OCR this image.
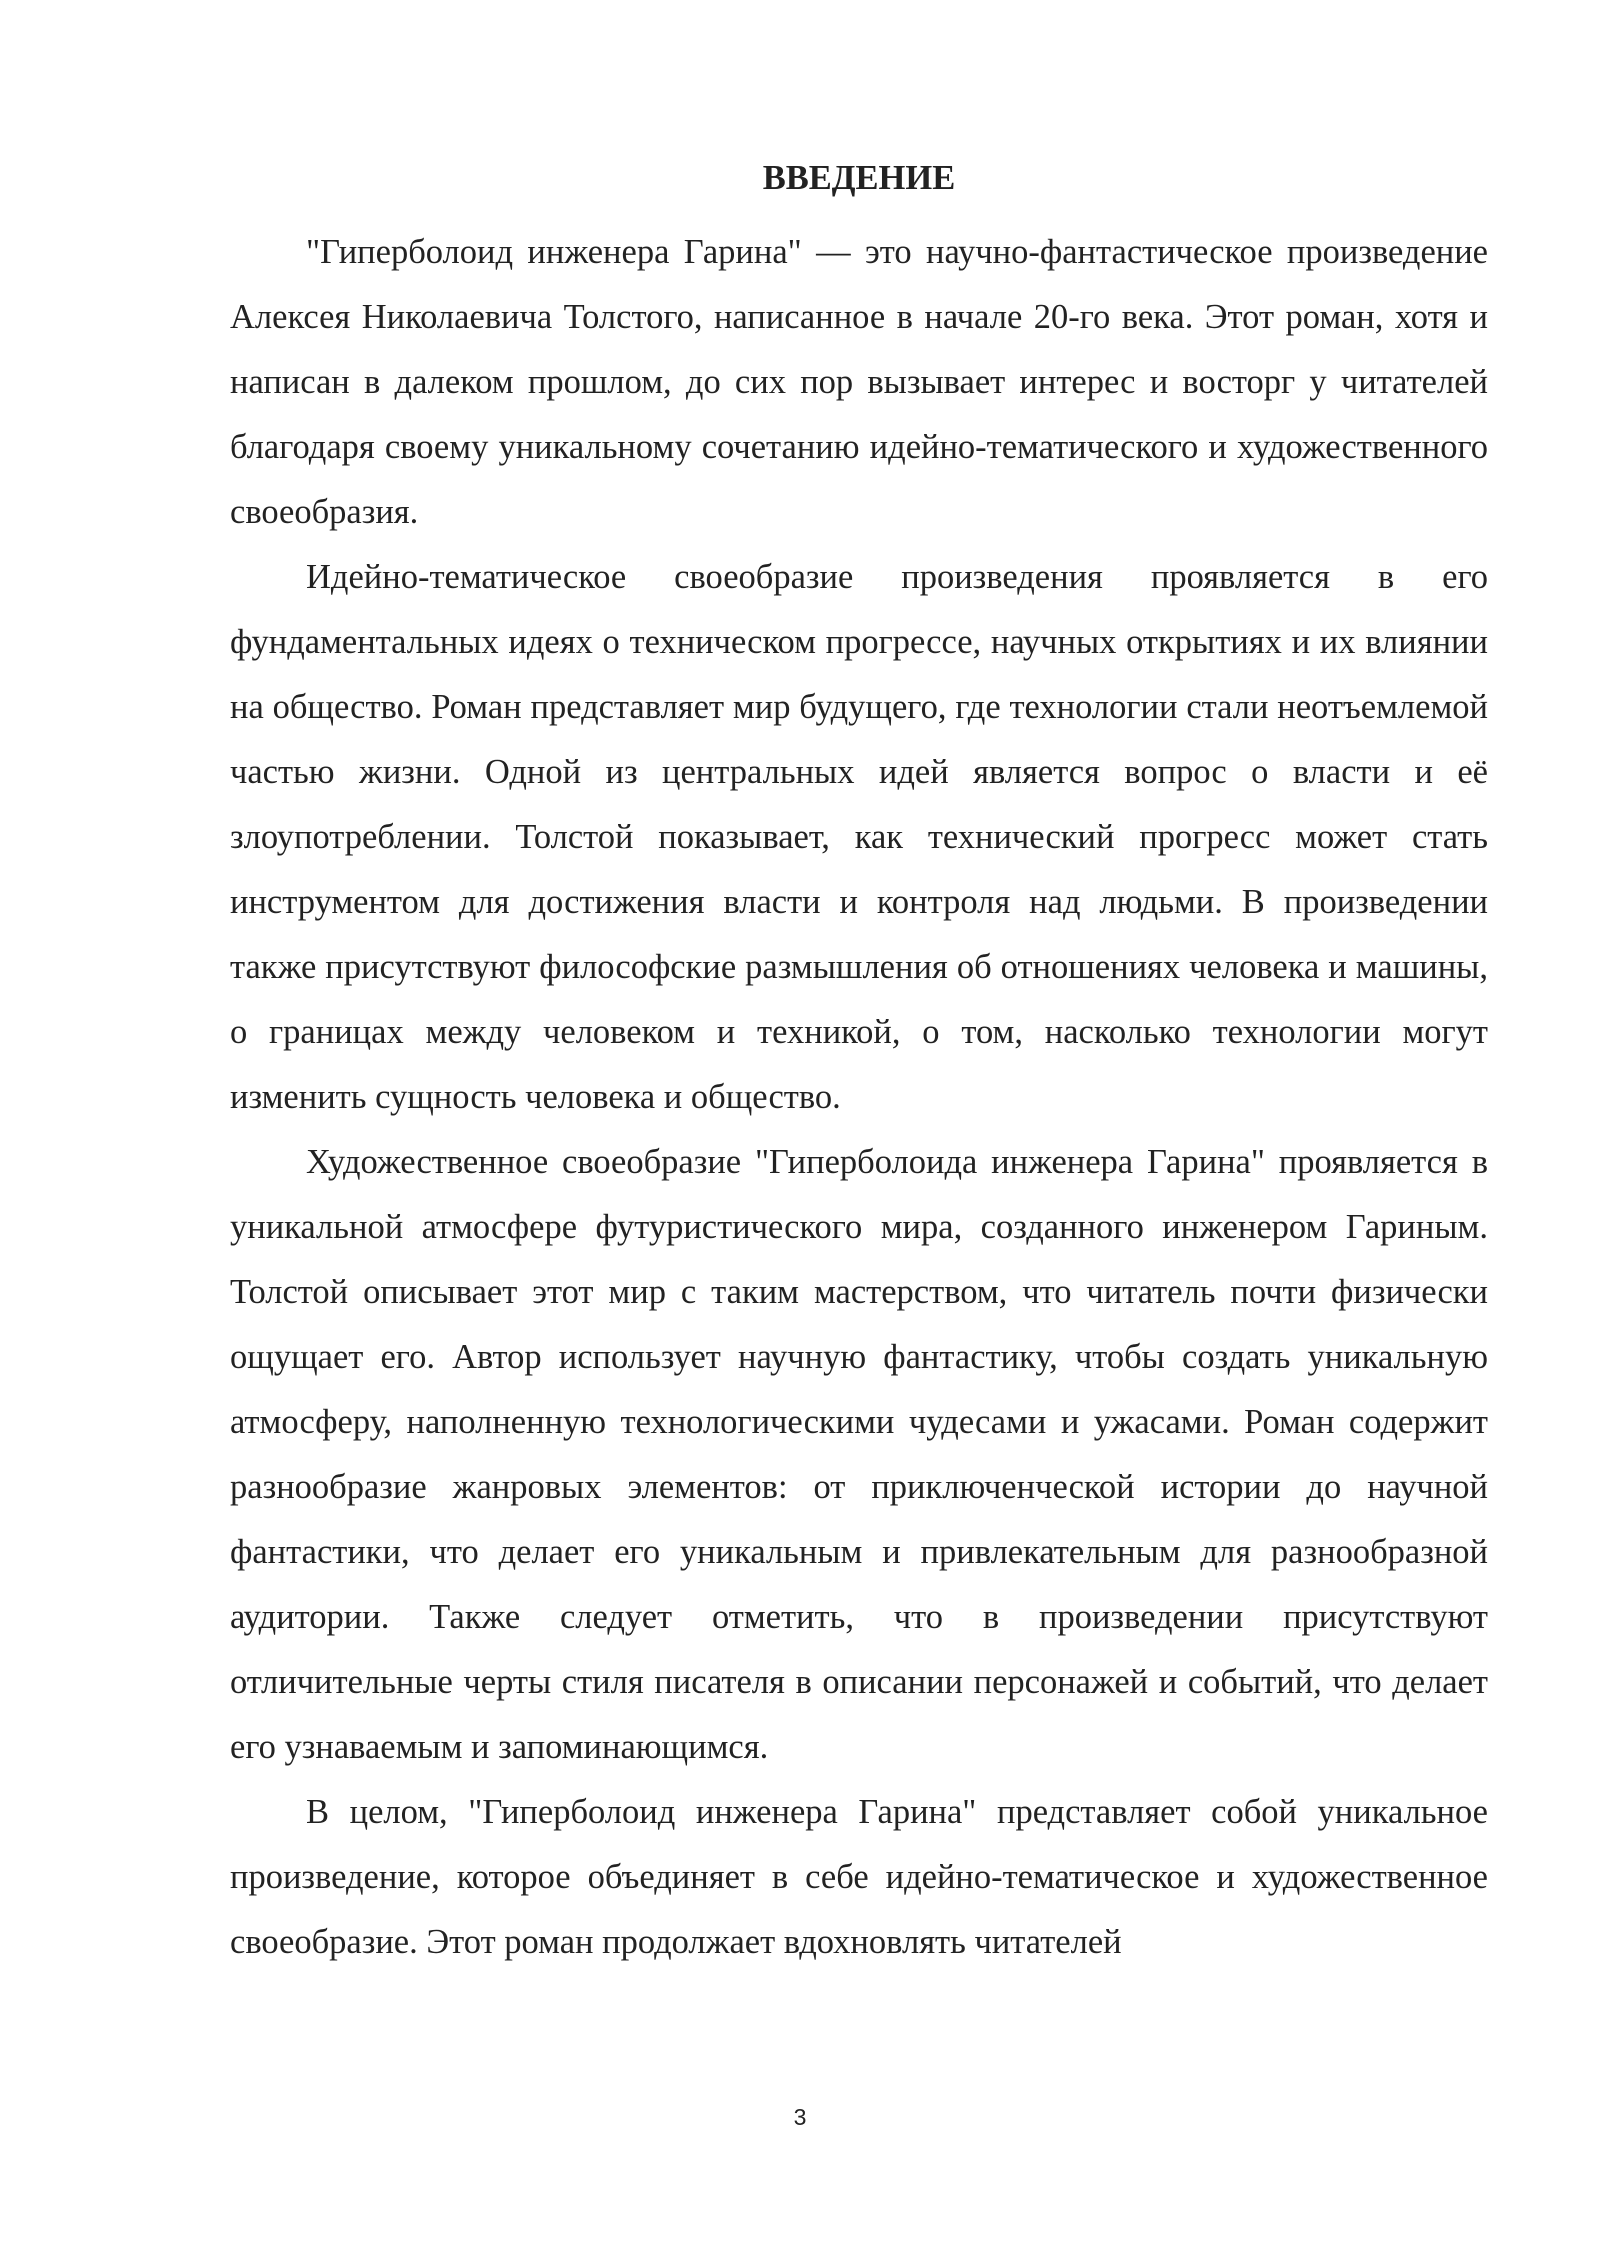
ВВЕДЕНИЕ

"Гиперболоид инженера Гарина" — это научно-фантастическое произведение Алексея Николаевича Толстого, написанное в начале 20-го века. Этот роман, хотя и написан в далеком прошлом, до сих пор вызывает интерес и восторг у читателей благодаря своему уникальному сочетанию идейно-тематического и художественного своеобразия.

Идейно-тематическое своеобразие произведения проявляется в его фундаментальных идеях о техническом прогрессе, научных открытиях и их влиянии на общество. Роман представляет мир будущего, где технологии стали неотъемлемой частью жизни. Одной из центральных идей является вопрос о власти и её злоупотреблении. Толстой показывает, как технический прогресс может стать инструментом для достижения власти и контроля над людьми. В произведении также присутствуют философские размышления об отношениях человека и машины, о границах между человеком и техникой, о том, насколько технологии могут изменить сущность человека и общество.

Художественное своеобразие "Гиперболоида инженера Гарина" проявляется в уникальной атмосфере футуристического мира, созданного инженером Гариным. Толстой описывает этот мир с таким мастерством, что читатель почти физически ощущает его. Автор использует научную фантастику, чтобы создать уникальную атмосферу, наполненную технологическими чудесами и ужасами. Роман содержит разнообразие жанровых элементов: от приключенческой истории до научной фантастики, что делает его уникальным и привлекательным для разнообразной аудитории. Также следует отметить, что в произведении присутствуют отличительные черты стиля писателя в описании персонажей и событий, что делает его узнаваемым и запоминающимся.

В целом, "Гиперболоид инженера Гарина" представляет собой уникальное произведение, которое объединяет в себе идейно-тематическое и художественное своеобразие. Этот роман продолжает вдохновлять читателей

3
